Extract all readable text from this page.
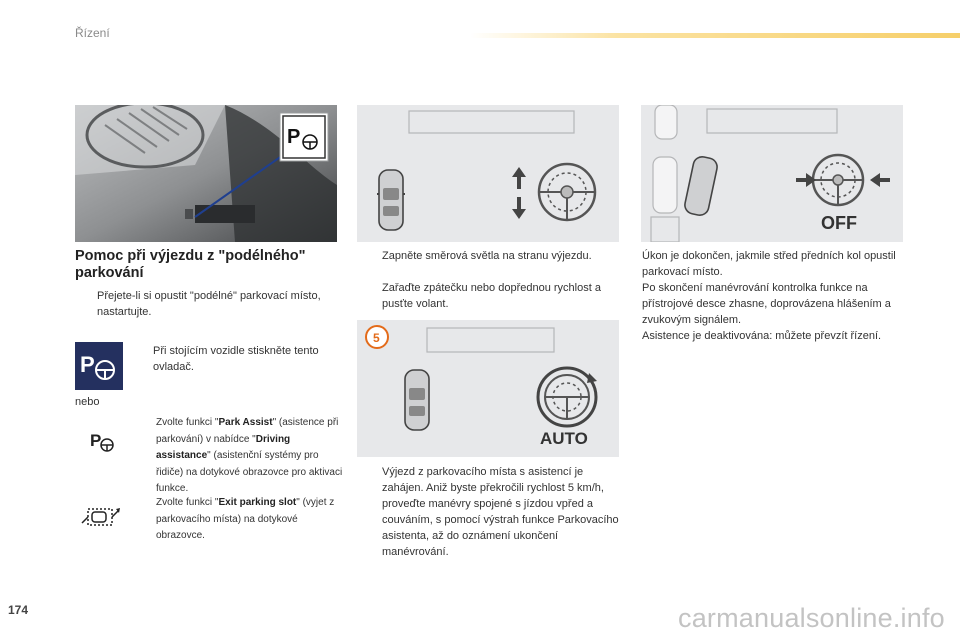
Řízení
P
5
AUTO
OFF
Pomoc při výjezdu z "podélného" parkování
Přejete-li si opustit "podélné" parkovací místo, nastartujte.
P
Při stojícím vozidle stiskněte tento ovladač.
nebo
P
Zvolte funkci "Park Assist" (asistence při parkování) v nabídce "Driving assistance" (asistenční systémy pro řidiče) na dotykové obrazovce pro aktivaci funkce.
Zvolte funkci "Exit parking slot" (vyjet z parkovacího místa) na dotykové obrazovce.
Zapněte směrová světla na stranu výjezdu.
Zařaďte zpátečku nebo dopřednou rychlost a pusťte volant.
Výjezd z parkovacího místa s asistencí je zahájen. Aniž byste překročili rychlost 5 km/h, proveďte manévry spojené s jízdou vpřed a couváním, s pomocí výstrah funkce Parkovacího asistenta, až do oznámení ukončení manévrování.

Úkon je dokončen, jakmile střed předních kol opustil parkovací místo.

Po skončení manévrování kontrolka funkce na přístrojové desce zhasne, doprovázena hlášením a zvukovým signálem.

Asistence je deaktivována: můžete převzít řízení.

174	carmanualsonline.info
